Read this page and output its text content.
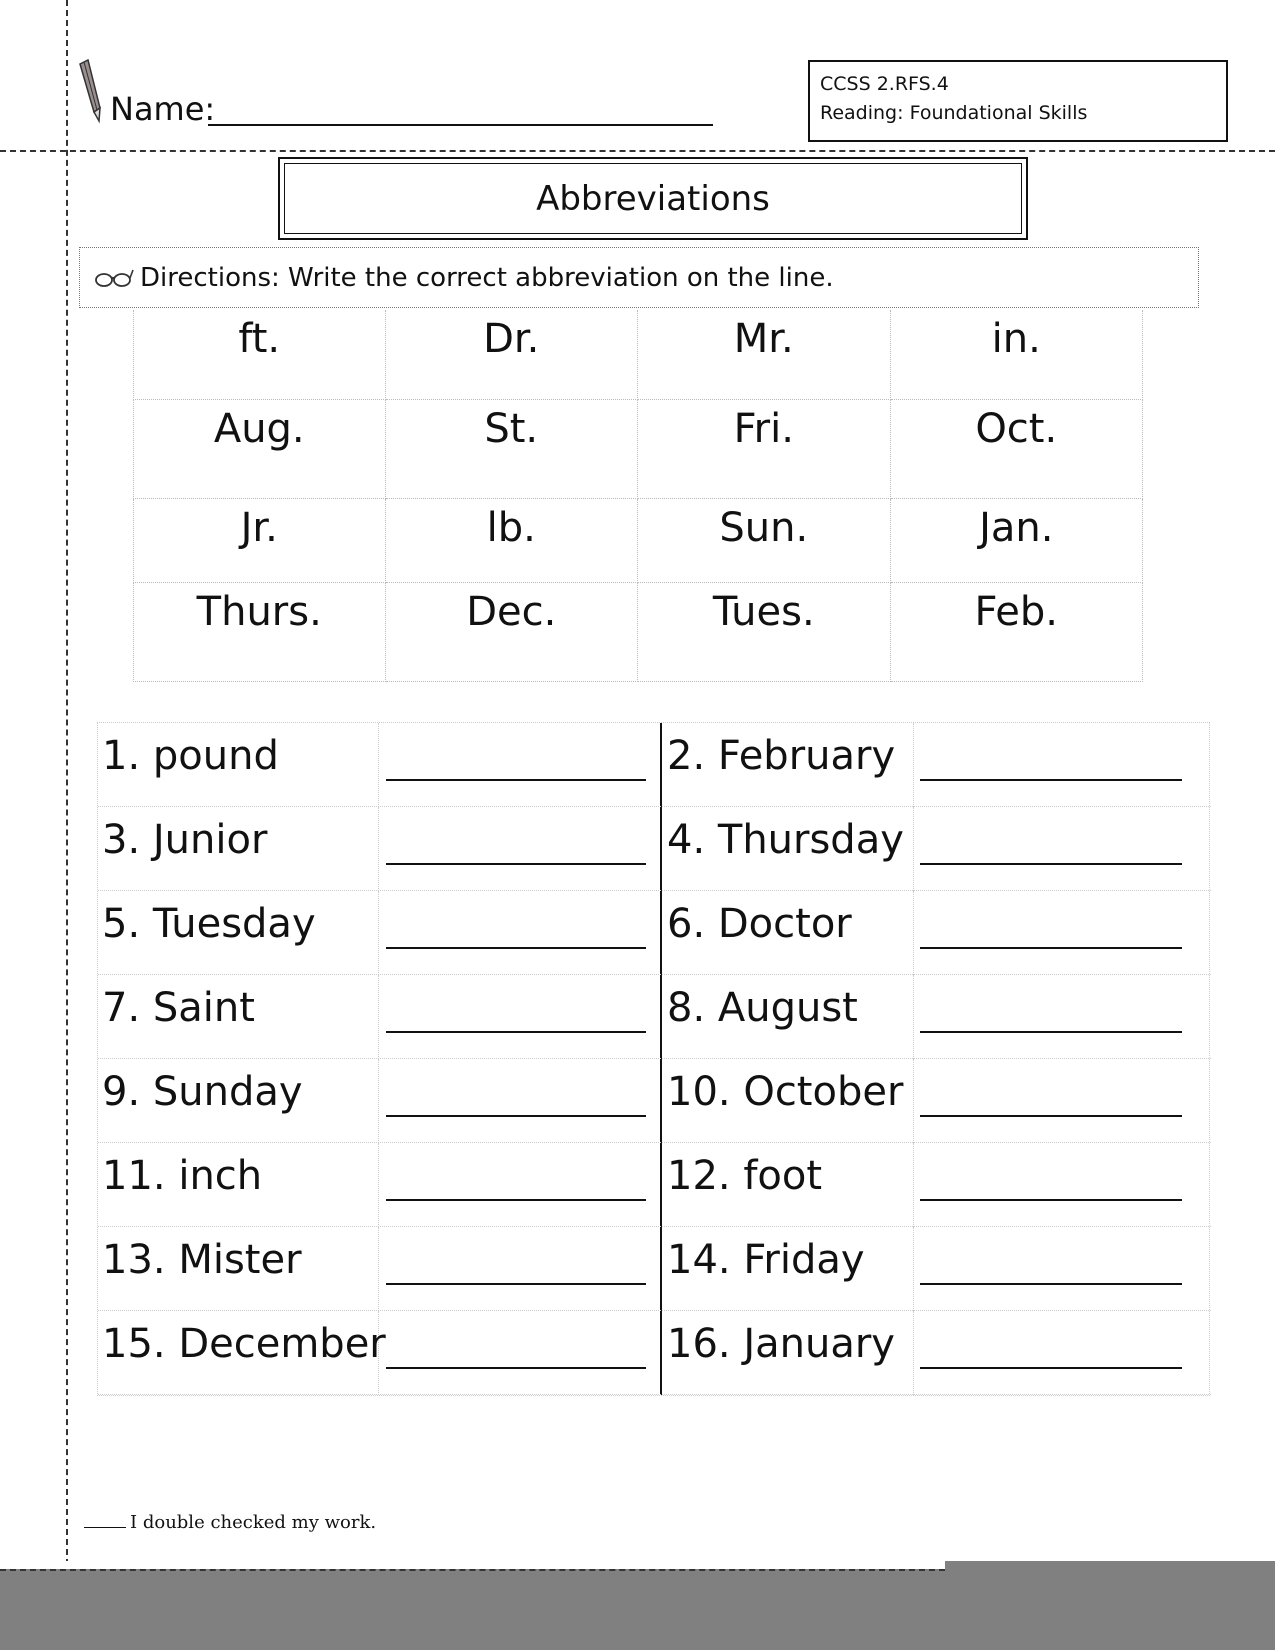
Name:
CCSS 2.RFS.4
Reading: Foundational Skills
Abbreviations
Directions: Write the correct abbreviation on the line.
ft.	Dr.	Mr.	in.
Aug.	St.	Fri.	Oct.
Jr.	lb.	Sun.	Jan.
Thurs.	Dec.	Tues.	Feb.
1. pound	2. February
3. Junior	4. Thursday
5. Tuesday	6. Doctor
7. Saint	8. August
9. Sunday	10. October
11. inch	12. foot
13. Mister	14. Friday
15. December	16. January
I double checked my work.
